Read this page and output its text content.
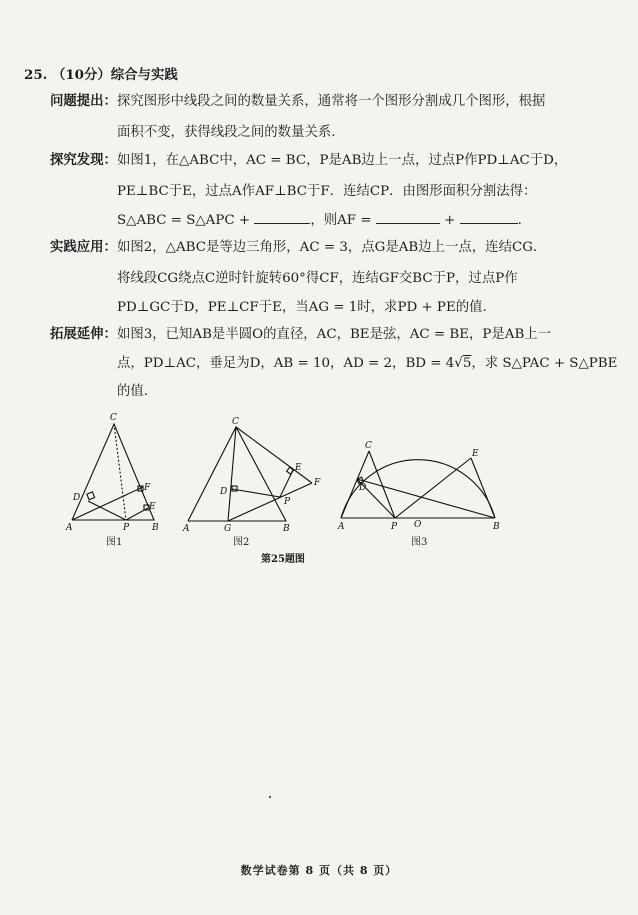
25. （10分）综合与实践
问题提出：探究图形中线段之间的数量关系，通常将一个图形分割成几个图形，根据
面积不变，获得线段之间的数量关系.
探究发现：如图1，在△ABC中，AC = BC，P是AB边上一点，过点P作PD⊥AC于D，
PE⊥BC于E，过点A作AF⊥BC于F．连结CP．由图形面积分割法得：
S△ABC = S△APC +	，则AF =	+	.
实践应用：如图2，△ABC是等边三角形，AC = 3，点G是AB边上一点，连结CG．
将线段CG绕点C逆时针旋转60°得CF，连结GF交BC于P，过点P作
PD⊥GC于D，PE⊥CF于E，当AG = 1时，求PD + PE的值.
拓展延伸：如图3，已知AB是半圆O的直径，AC，BE是弦，AC = BE，P是AB上一
点，PD⊥AC，垂足为D，AB = 10，AD = 2，BD = 4√5，求 S△PAC + S△PBE
的值.
C
D
F
E
A	P	B
图1
C
E
F
D
P
A	G	B
图2
C
E
D
A	P O	B
图3
第25题图
数学试卷第 8 页（共 8 页）
